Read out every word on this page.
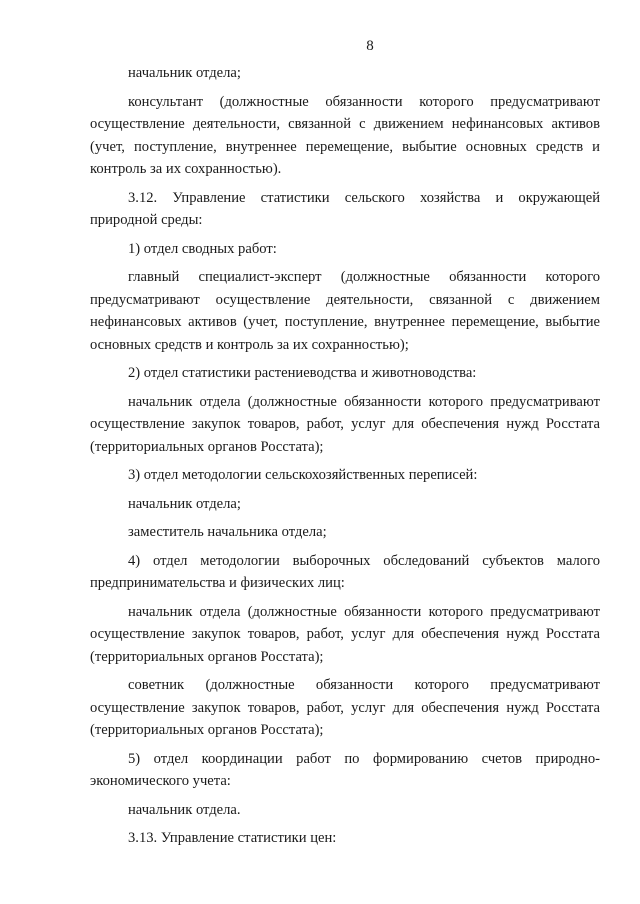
8

начальник отдела;

консультант (должностные обязанности которого предусматривают осуществление деятельности, связанной с движением нефинансовых активов (учет, поступление, внутреннее перемещение, выбытие основных средств и контроль за их сохранностью).

3.12. Управление статистики сельского хозяйства и окружающей природной среды:

1) отдел сводных работ:

главный специалист-эксперт (должностные обязанности которого предусматривают осуществление деятельности, связанной с движением нефинансовых активов (учет, поступление, внутреннее перемещение, выбытие основных средств и контроль за их сохранностью);

2) отдел статистики растениеводства и животноводства:

начальник отдела (должностные обязанности которого предусматривают осуществление закупок товаров, работ, услуг для обеспечения нужд Росстата (территориальных органов Росстата);

3) отдел методологии сельскохозяйственных переписей:

начальник отдела;

заместитель начальника отдела;

4) отдел методологии выборочных обследований субъектов малого предпринимательства и физических лиц:

начальник отдела (должностные обязанности которого предусматривают осуществление закупок товаров, работ, услуг для обеспечения нужд Росстата (территориальных органов Росстата);

советник (должностные обязанности которого предусматривают осуществление закупок товаров, работ, услуг для обеспечения нужд Росстата (территориальных органов Росстата);

5) отдел координации работ по формированию счетов природно-экономического учета:

начальник отдела.

3.13. Управление статистики цен:
